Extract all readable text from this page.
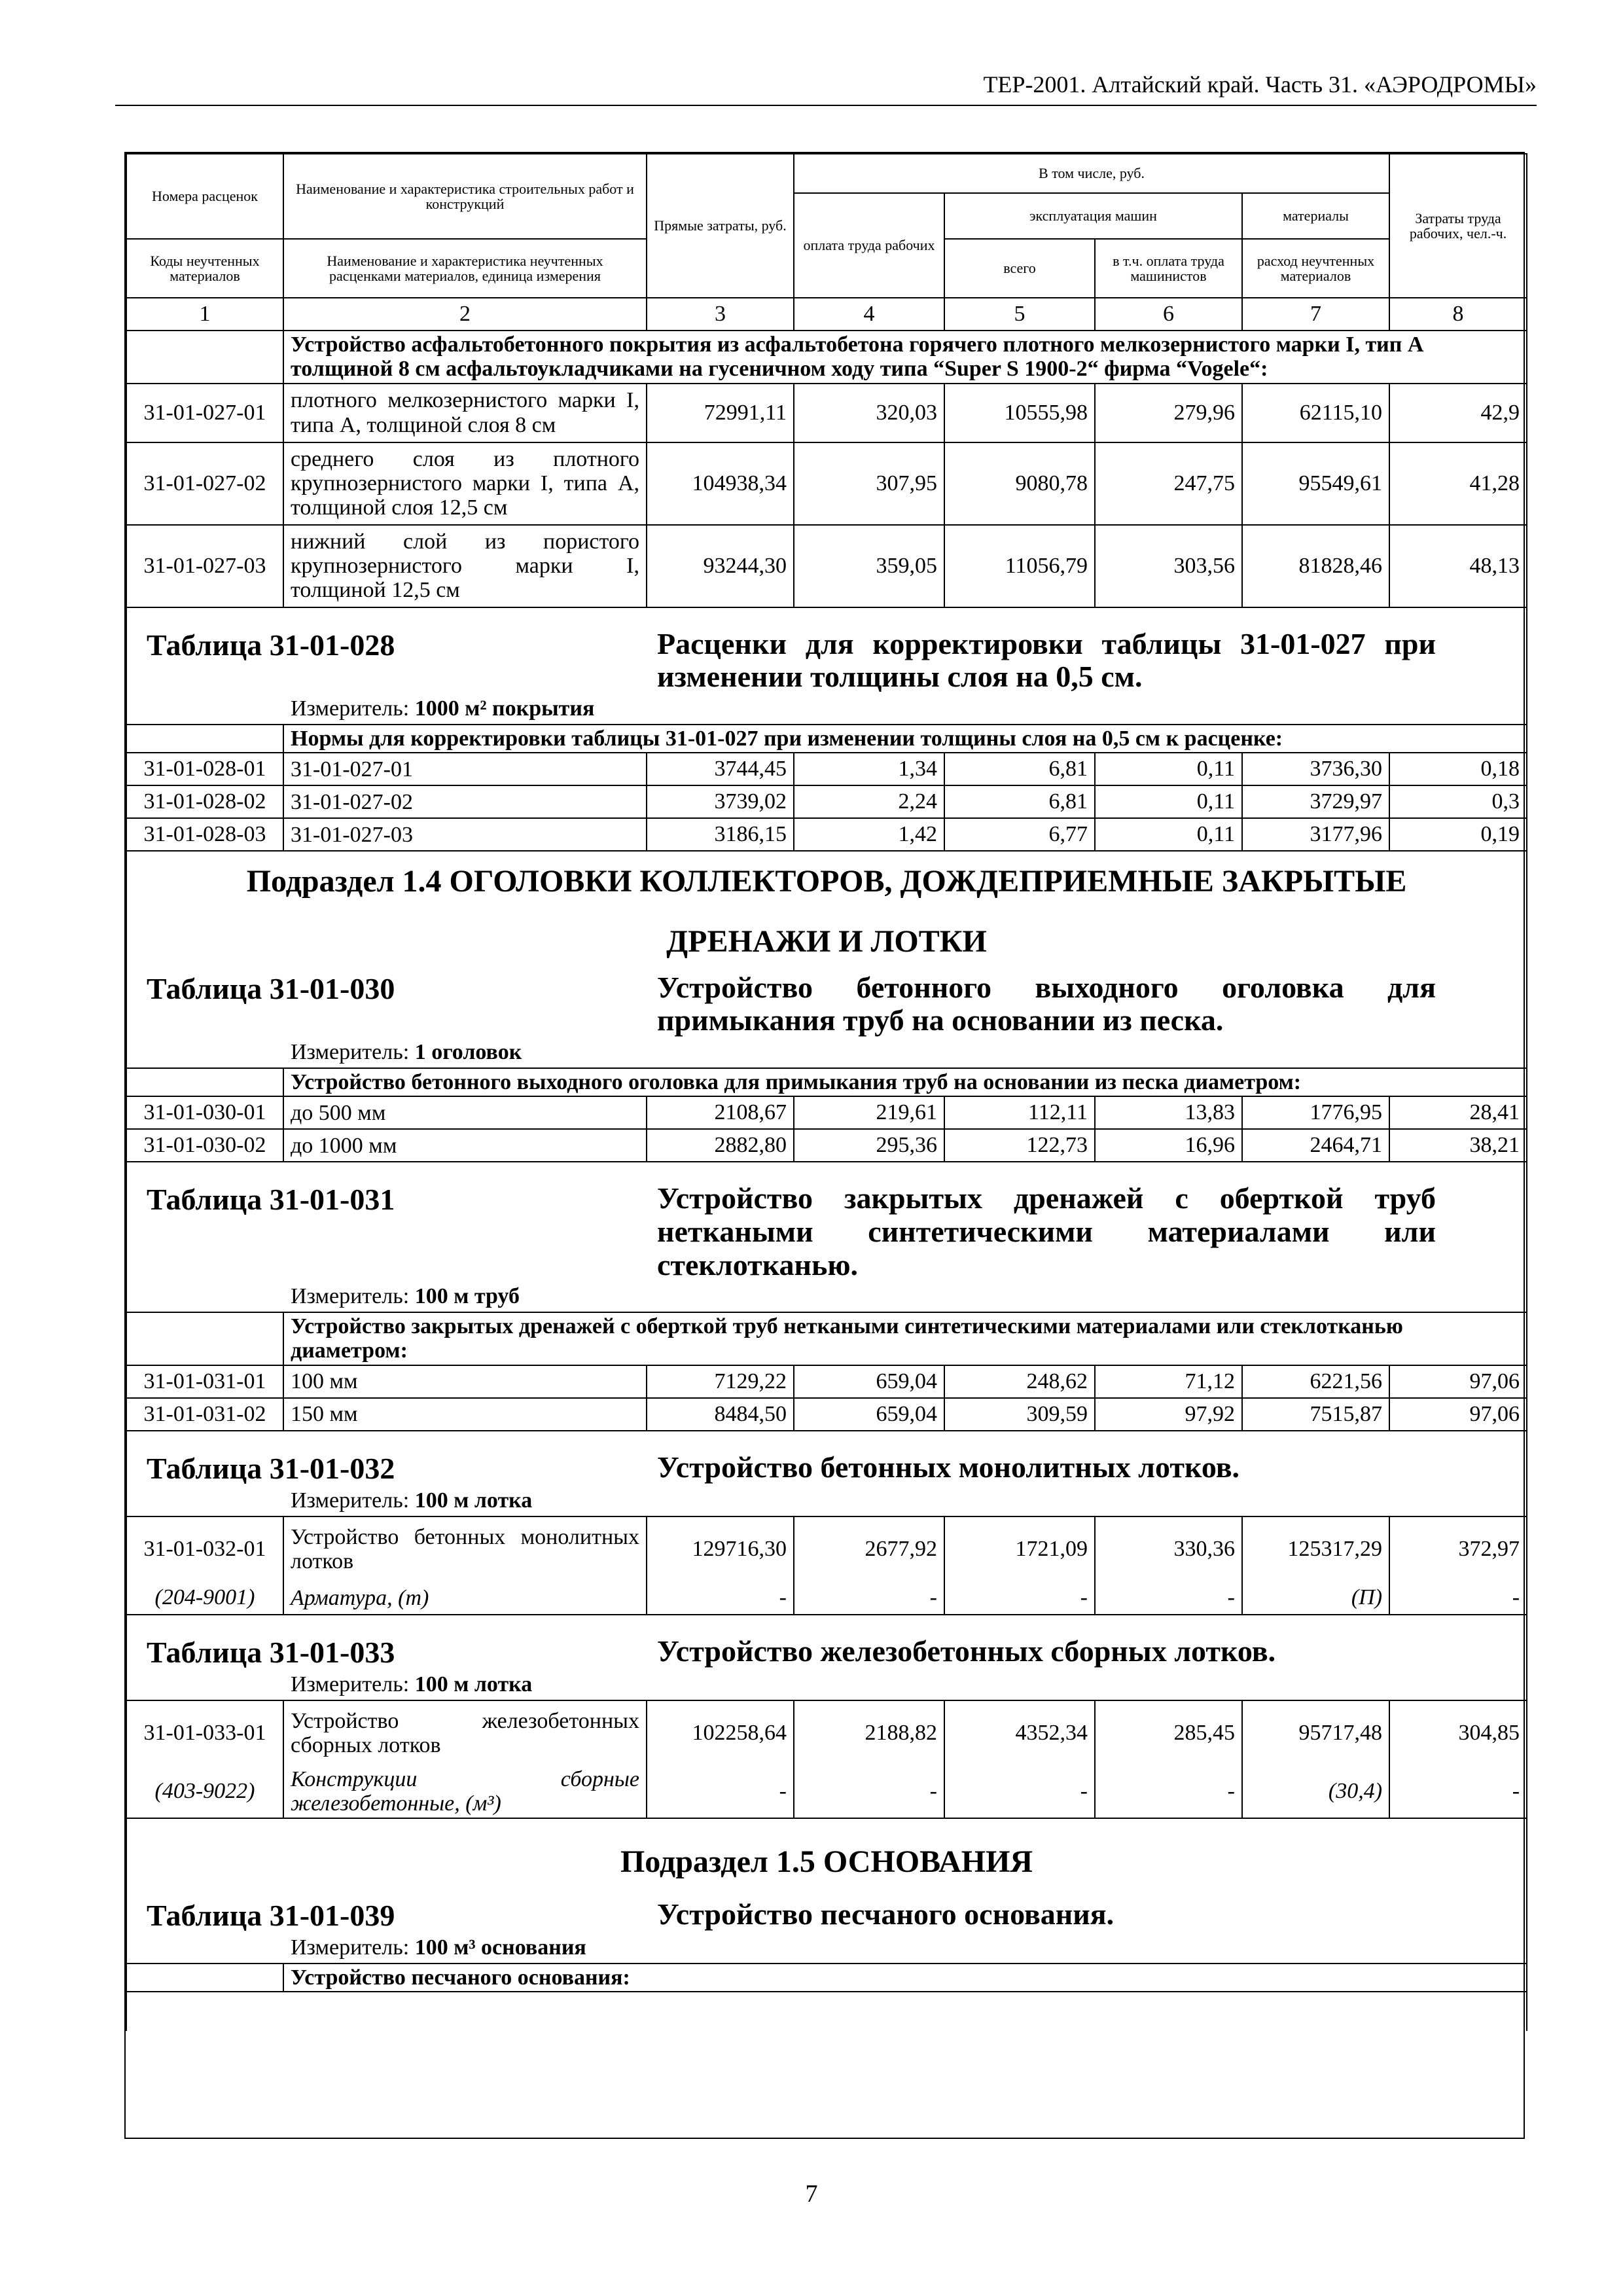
ТЕР-2001. Алтайский край. Часть 31. «АЭРОДРОМЫ»
Номера расценок	Наименование и характеристика строительных работ и конструкций	Прямые затраты, руб.	В том числе, руб.				Затраты труда рабочих, чел.-ч.
			оплата труда рабочих	эксплуатация машин		материалы	
Коды неучтенных материалов	Наименование и характеристика неучтенных расценками материалов, единица измерения			всего	в т.ч. оплата труда машинистов	расход неучтенных материалов	
1	2	3	4	5	6	7	8
	Устройство асфальтобетонного покрытия из асфальтобетона горячего плотного мелкозернистого марки I, тип А толщиной 8 см асфальтоукладчиками на гусеничном ходу типа “Super S 1900-2“ фирма “Vogele“:						
31-01-027-01	плотного мелкозернистого марки I, типа А, толщиной слоя 8 см	72991,11	320,03	10555,98	279,96	62115,10	42,9
31-01-027-02	среднего слоя из плотного крупнозернистого марки I, типа А, толщиной слоя 12,5 см	104938,34	307,95	9080,78	247,75	95549,61	41,28
31-01-027-03	нижний слой из пористого крупнозернистого марки I, толщиной 12,5 см	93244,30	359,05	11056,79	303,56	81828,46	48,13

Таблица 31-01-028 Расценки для корректировки таблицы 31-01-027 при изменении толщины слоя на 0,5 см.
Измеритель: 1000 м² покрытия							

	Нормы для корректировки таблицы 31-01-027 при изменении толщины слоя на 0,5 см к расценке:						
31-01-028-01	31-01-027-01	3744,45	1,34	6,81	0,11	3736,30	0,18
31-01-028-02	31-01-027-02	3739,02	2,24	6,81	0,11	3729,97	0,3
31-01-028-03	31-01-027-03	3186,15	1,42	6,77	0,11	3177,96	0,19

Подраздел 1.4 ОГОЛОВКИ КОЛЛЕКТОРОВ, ДОЖДЕПРИЕМНЫЕ ЗАКРЫТЫЕ
ДРЕНАЖИ И ЛОТКИ
Таблица 31-01-030 Устройство бетонного выходного оголовка для примыкания труб на основании из песка.
Измеритель: 1 оголовок							

	Устройство бетонного выходного оголовка для примыкания труб на основании из песка диаметром:						
31-01-030-01	до 500 мм	2108,67	219,61	112,11	13,83	1776,95	28,41
31-01-030-02	до 1000 мм	2882,80	295,36	122,73	16,96	2464,71	38,21

Таблица 31-01-031 Устройство закрытых дренажей с оберткой труб неткаными синтетическими материалами или стеклотканью.
Измеритель: 100 м труб							

	Устройство закрытых дренажей с оберткой труб неткаными синтетическими материалами или стеклотканью диаметром:						
31-01-031-01	100 мм	7129,22	659,04	248,62	71,12	6221,56	97,06
31-01-031-02	150 мм	8484,50	659,04	309,59	97,92	7515,87	97,06

Таблица 31-01-032 Устройство бетонных монолитных лотков.
Измеритель: 100 м лотка							

31-01-032-01	Устройство бетонных монолитных лотков	129716,30	2677,92	1721,09	330,36	125317,29	372,97
(204-9001)	Арматура, (т)	-	-	-	-	(П)	-

Таблица 31-01-033 Устройство железобетонных сборных лотков.
Измеритель: 100 м лотка							

31-01-033-01	Устройство железобетонных сборных лотков	102258,64	2188,82	4352,34	285,45	95717,48	304,85
(403-9022)	Конструкции сборные железобетонные, (м³)	-	-	-	-	(30,4)	-

Подраздел 1.5 ОСНОВАНИЯ
Таблица 31-01-039 Устройство песчаного основания.
Измеритель: 100 м³ основания							

	Устройство песчаного основания:						

7
